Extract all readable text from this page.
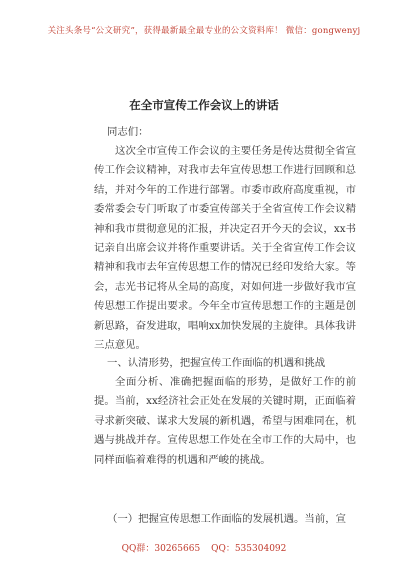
关注头条号“公文研究”，获得最新最全最专业的公文资料库！ 微信：gongwenyj
在全市宣传工作会议上的讲话
同志们：
这次全市宣传工作会议的主要任务是传达贯彻全省宣传工作会议精神，对我市去年宣传思想工作进行回顾和总结，并对今年的工作进行部署。市委市政府高度重视，市委常委会专门听取了市委宣传部关于全省宣传工作会议精神和我市贯彻意见的汇报，并决定召开今天的会议，xx书记亲自出席会议并将作重要讲话。关于全省宣传工作会议精神和我市去年宣传思想工作的情况已经印发给大家。等会，志光书记将从全局的高度，对如何进一步做好我市宣传思想工作提出要求。今年全市宣传思想工作的主题是创新思路，奋发进取，唱响xx加快发展的主旋律。具体我讲三点意见。
一、认清形势，把握宣传工作面临的机遇和挑战
全面分析、准确把握面临的形势，是做好工作的前提。当前，xx经济社会正处在发展的关键时期，正面临着寻求新突破、谋求大发展的新机遇，希望与困难同在，机遇与挑战并存。宣传思想工作处在全市工作的大局中，也同样面临着难得的机遇和严峻的挑战。
（一）把握宣传思想工作面临的发展机遇。当前，宣
QQ群：30265665 QQ：535304092
